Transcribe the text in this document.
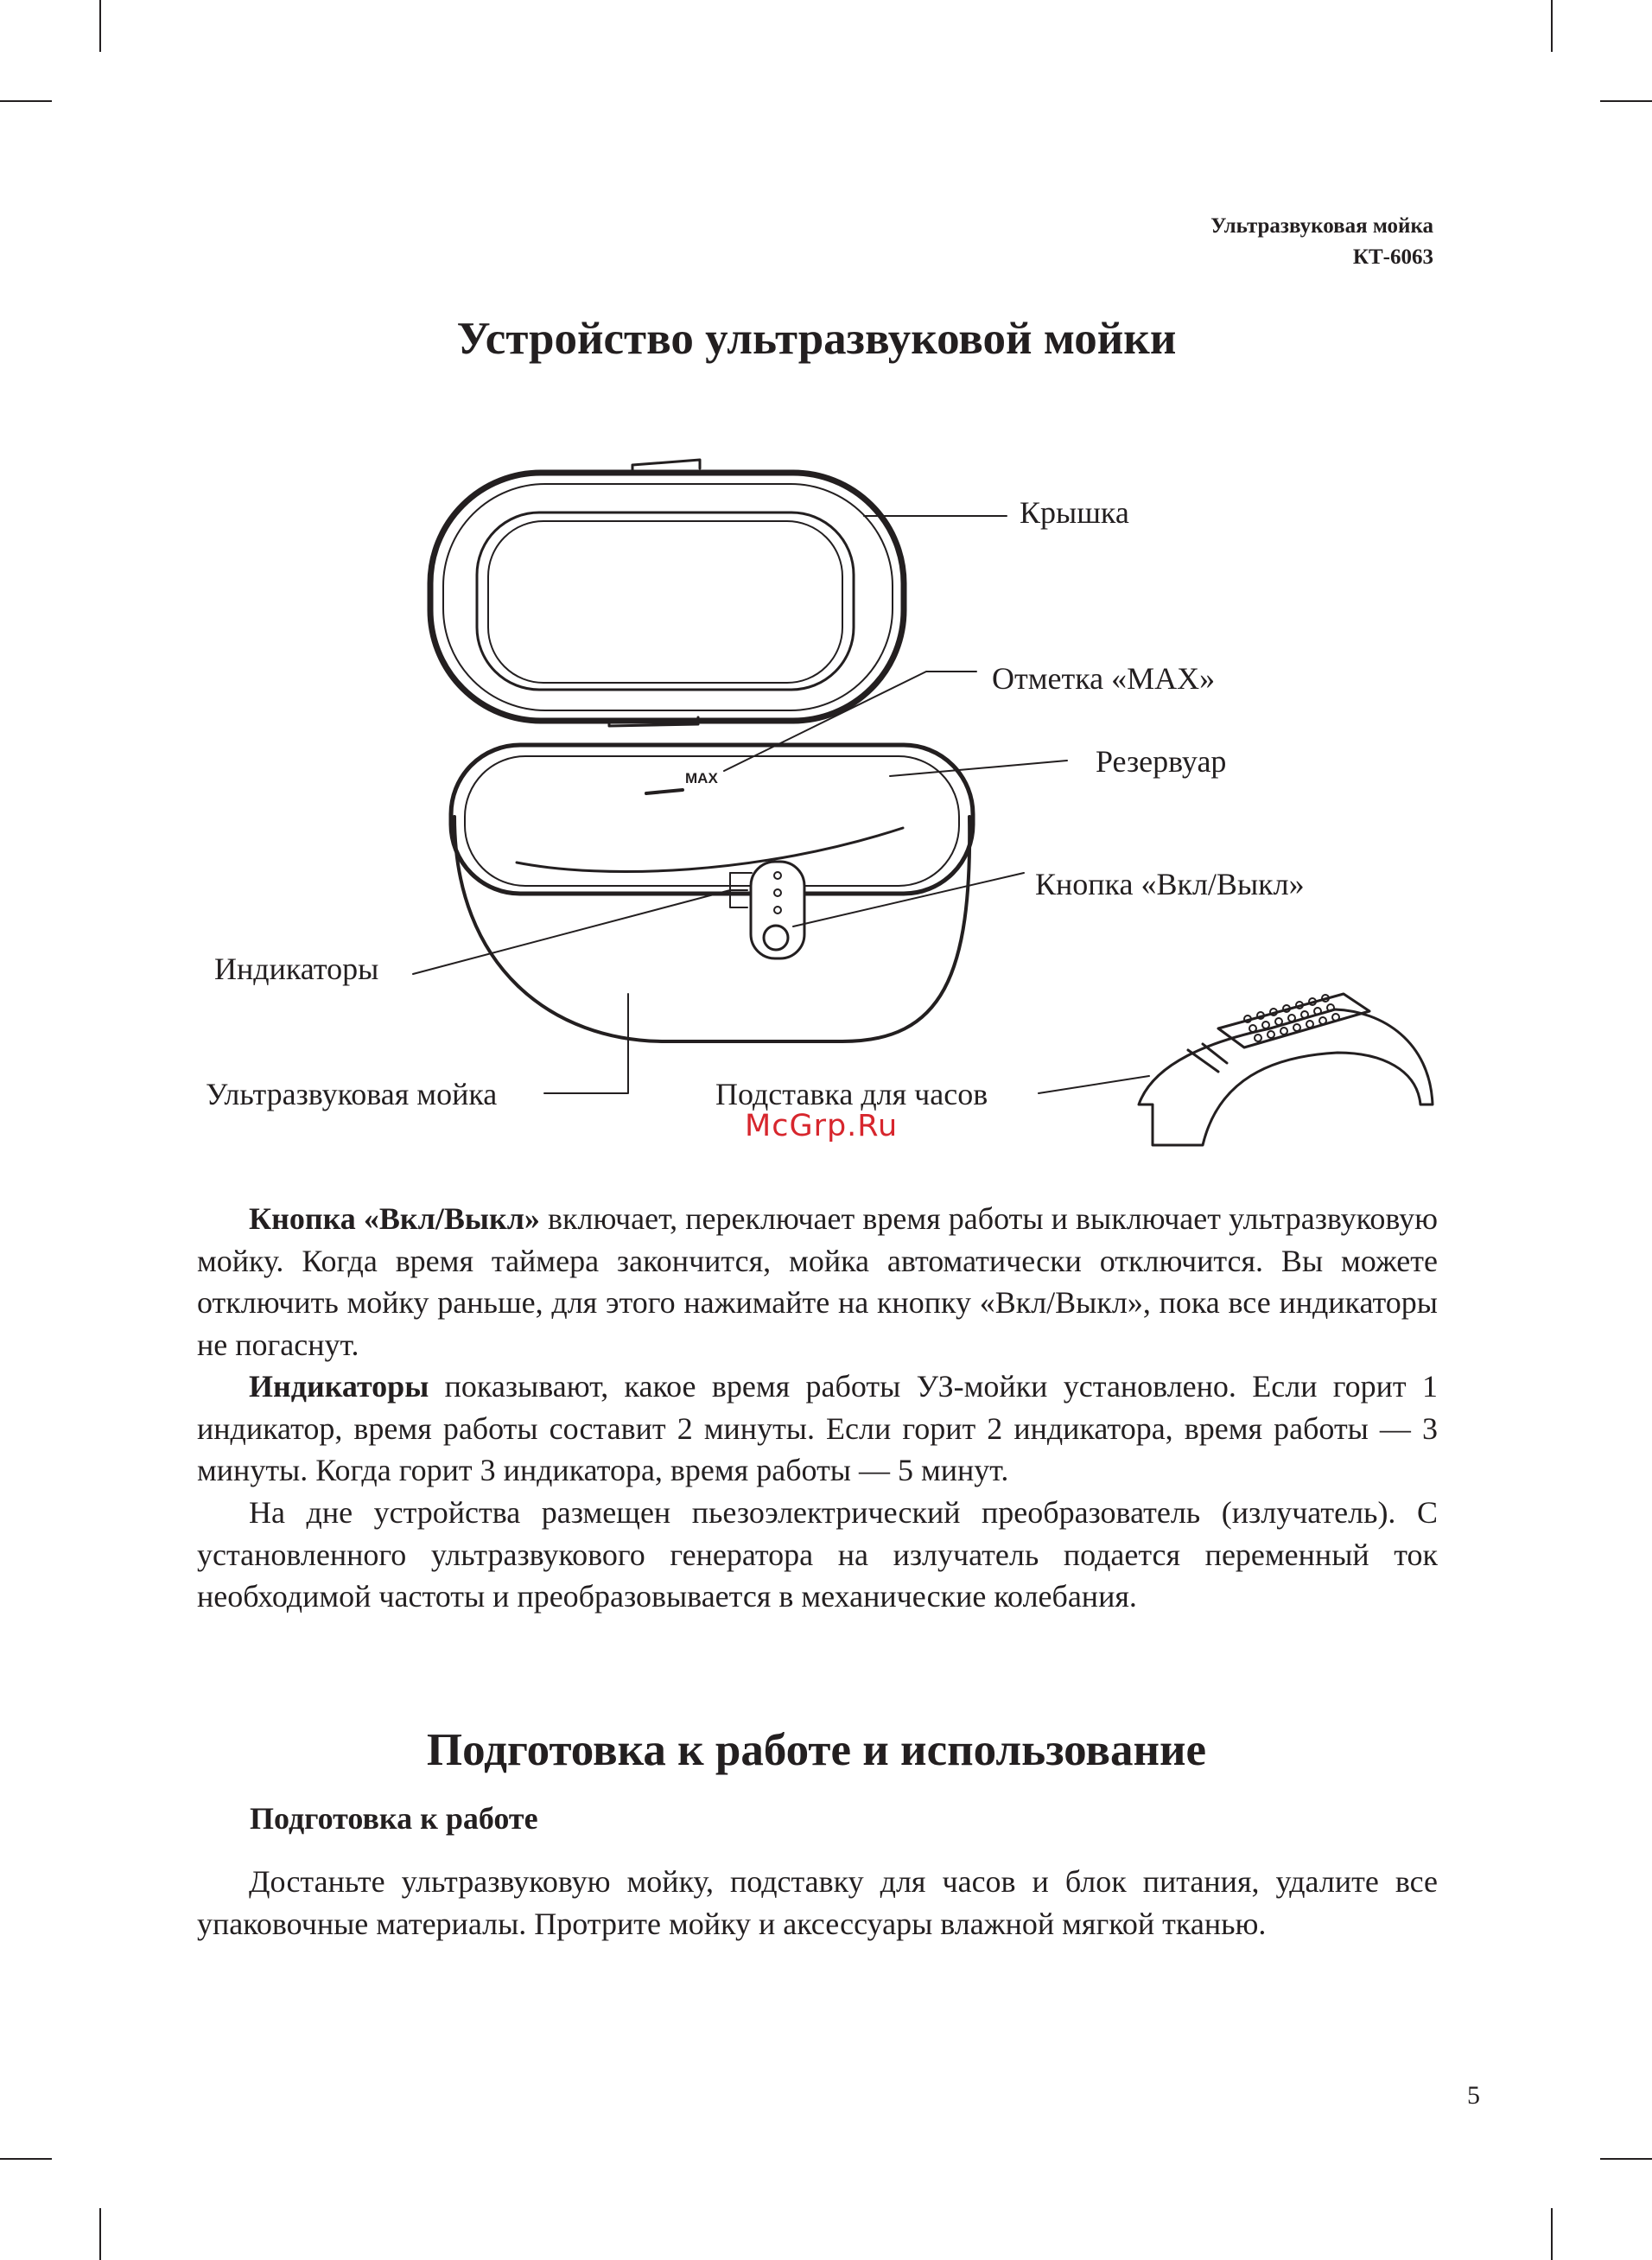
Ультразвуковая мойка
КТ-6063
Устройство ультразвуковой мойки
MAX
Крышка
Отметка «MAX»
Резервуар
Кнопка «Вкл/Выкл»
Индикаторы
Ультразвуковая мойка	Подставка для часов
McGrp.Ru

Кнопка «Вкл/Выкл» включает, переключает время работы и выключает ультразвуковую мойку. Когда время таймера закончится, мойка автоматически отключится. Вы можете отключить мойку раньше, для этого нажимайте на кнопку «Вкл/Выкл», пока все индикаторы не погаснут.

Индикаторы показывают, какое время работы УЗ-мойки установлено. Если горит 1 индикатор, время работы составит 2 минуты. Если горит 2 индикатора, время работы — 3 минуты. Когда горит 3 индикатора, время работы — 5 минут.

На дне устройства размещен пьезоэлектрический преобразователь (излучатель). С установленного ультразвукового генератора на излучатель подается переменный ток необходимой частоты и преобразовывается в механические колебания.

Подготовка к работе и использование
Подготовка к работе

Достаньте ультразвуковую мойку, подставку для часов и блок питания, удалите все упаковочные материалы. Протрите мойку и аксессуары влажной мягкой тканью.

5
